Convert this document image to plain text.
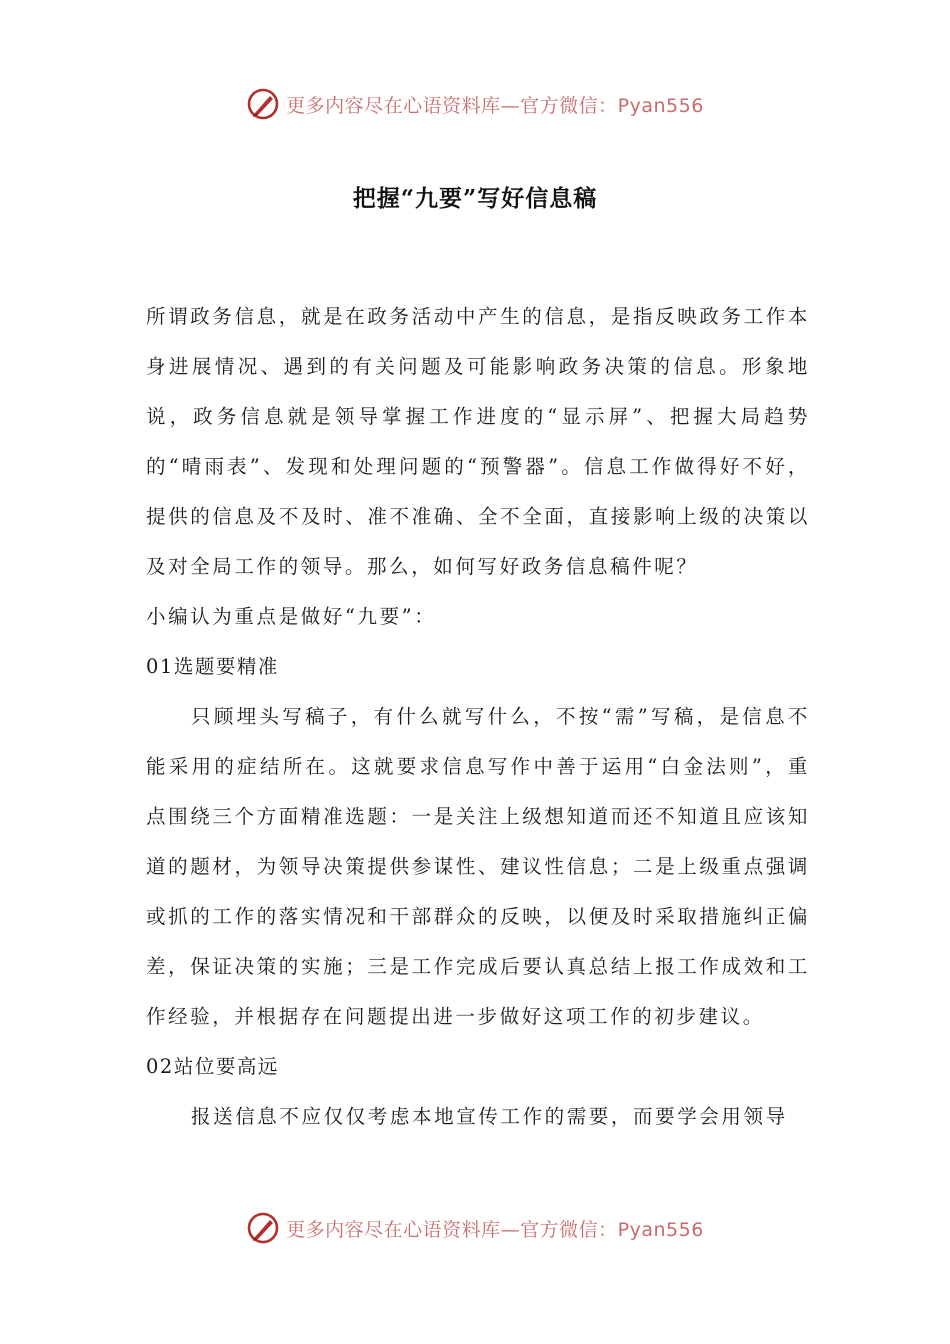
更多内容尽在心语资料库—官方微信：Pyan556
把握“九要”写好信息稿

所谓政务信息，就是在政务活动中产生的信息，是指反映政务工作本身进展情况、遇到的有关问题及可能影响政务决策的信息。形象地说，政务信息就是领导掌握工作进度的“显示屏”、把握大局趋势的“晴雨表”、发现和处理问题的“预警器”。信息工作做得好不好，提供的信息及不及时、准不准确、全不全面，直接影响上级的决策以及对全局工作的领导。那么，如何写好政务信息稿件呢？

小编认为重点是做好“九要”：

01选题要精准

只顾埋头写稿子，有什么就写什么，不按“需”写稿，是信息不能采用的症结所在。这就要求信息写作中善于运用“白金法则”，重点围绕三个方面精准选题：一是关注上级想知道而还不知道且应该知道的题材，为领导决策提供参谋性、建议性信息；二是上级重点强调或抓的工作的落实情况和干部群众的反映，以便及时采取措施纠正偏差，保证决策的实施；三是工作完成后要认真总结上报工作成效和工作经验，并根据存在问题提出进一步做好这项工作的初步建议。

02站位要高远

报送信息不应仅仅考虑本地宣传工作的需要，而要学会用领导

更多内容尽在心语资料库—官方微信：Pyan556
